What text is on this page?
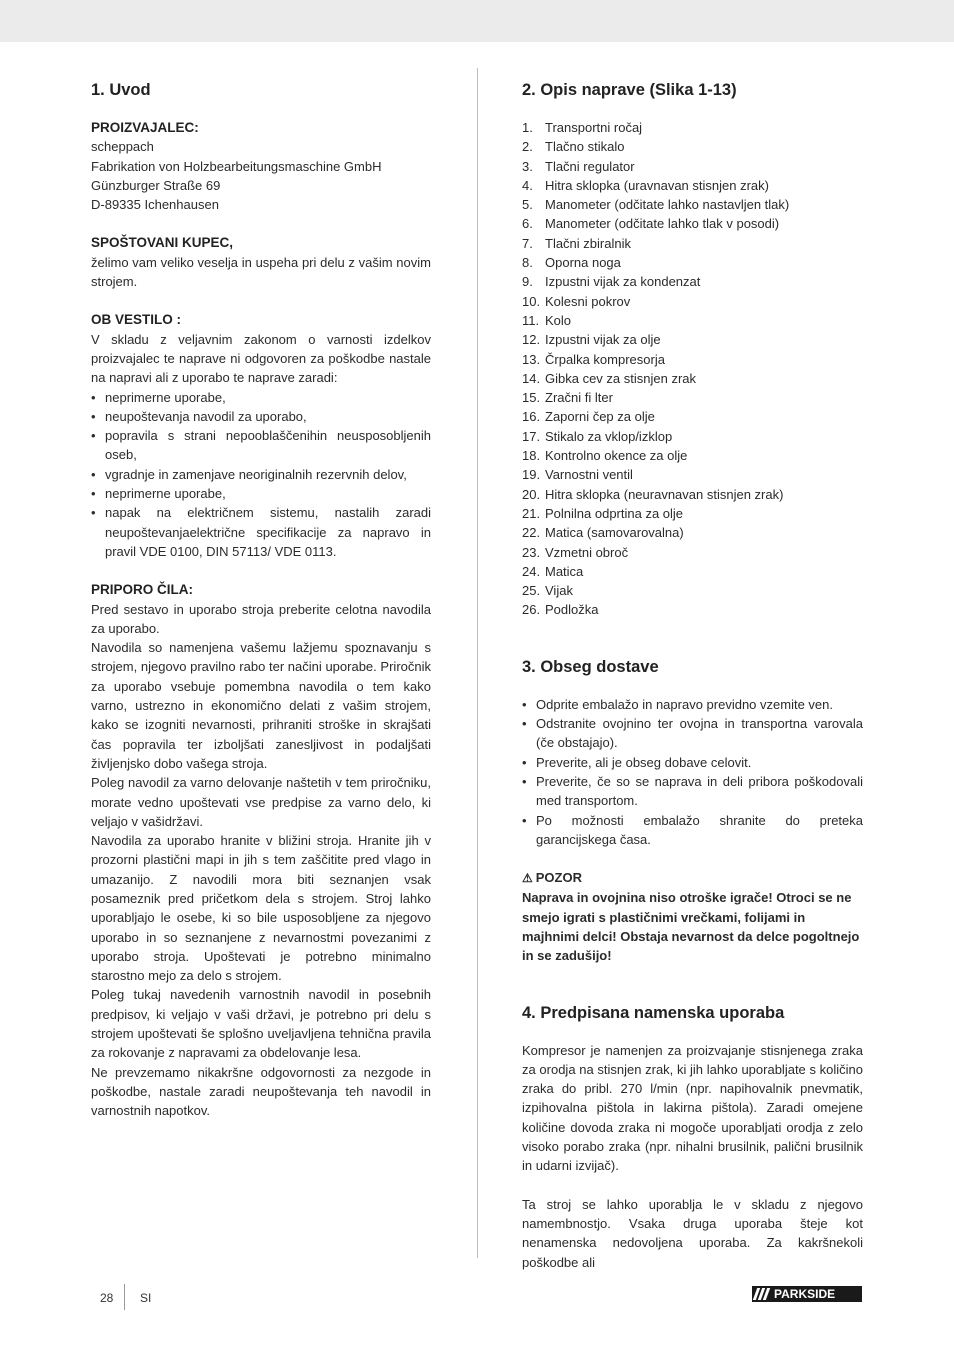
1. Uvod
PROIZVAJALEC:

scheppach

Fabrikation von Holzbearbeitungsmaschine GmbH

Günzburger Straße 69

D-89335 Ichenhausen

SPOŠTOVANI KUPEC,

želimo vam veliko veselja in uspeha pri delu z vašim novim strojem.

OB VESTILO :

V skladu z veljavnim zakonom o varnosti izdelkov proizvajalec te naprave ni odgovoren za poškodbe nastale na napravi ali z uporabo te naprave zaradi:

• neprimerne uporabe,
• neupoštevanja navodil za uporabo,
• popravila s strani nepooblaščenihin neusposobljenih oseb,
• vgradnje in zamenjave neoriginalnih rezervnih delov,
• neprimerne uporabe,
• napak na električnem sistemu, nastalih zaradi neupoštevanjaelektrične specifikacije za napravo in pravil VDE 0100, DIN 57113/ VDE 0113.
PRIPORO ČILA:

Pred sestavo in uporabo stroja preberite celotna navodila za uporabo.

Navodila so namenjena vašemu lažjemu spoznavanju s strojem, njegovo pravilno rabo ter načini uporabe. Priročnik za uporabo vsebuje pomembna navodila o tem kako varno, ustrezno in ekonomično delati z vašim strojem, kako se izogniti nevarnosti, prihraniti stroške in skrajšati čas popravila ter izboljšati zanesljivost in podaljšati življenjsko dobo vašega stroja.

Poleg navodil za varno delovanje naštetih v tem priročniku, morate vedno upoštevati vse predpise za varno delo, ki veljajo v vašidržavi.

Navodila za uporabo hranite v bližini stroja. Hranite jih v prozorni plastični mapi in jih s tem zaščitite pred vlago in umazanijo. Z navodili mora biti seznanjen vsak posameznik pred pričetkom dela s strojem. Stroj lahko uporabljajo le osebe, ki so bile usposobljene za njegovo uporabo in so seznanjene z nevarnostmi povezanimi z uporabo stroja. Upoštevati je potrebno minimalno starostno mejo za delo s strojem.

Poleg tukaj navedenih varnostnih navodil in posebnih predpisov, ki veljajo v vaši državi, je potrebno pri delu s strojem upoštevati še splošno uveljavljena tehnična pravila za rokovanje z napravami za obdelovanje lesa.

Ne prevzemamo nikakršne odgovornosti za nezgode in poškodbe, nastale zaradi neupoštevanja teh navodil in varnostnih napotkov.

2. Opis naprave (Slika 1-13)
1. Transportni ročaj
2. Tlačno stikalo
3. Tlačni regulator
4. Hitra sklopka (uravnavan stisnjen zrak)
5. Manometer (odčitate lahko nastavljen tlak)
6. Manometer (odčitate lahko tlak v posodi)
7. Tlačni zbiralnik
8. Oporna noga
9. Izpustni vijak za kondenzat
10. Kolesni pokrov
11. Kolo
12. Izpustni vijak za olje
13. Črpalka kompresorja
14. Gibka cev za stisnjen zrak
15. Zračni fi lter
16. Zaporni čep za olje
17. Stikalo za vklop/izklop
18. Kontrolno okence za olje
19. Varnostni ventil
20. Hitra sklopka (neuravnavan stisnjen zrak)
21. Polnilna odprtina za olje
22. Matica (samovarovalna)
23. Vzmetni obroč
24. Matica
25. Vijak
26. Podložka
3. Obseg dostave
• Odprite embalažo in napravo previdno vzemite ven.
• Odstranite ovojnino ter ovojna in transportna varovala (če obstajajo).
• Preverite, ali je obseg dobave celovit.
• Preverite, če so se naprava in deli pribora poškodovali med transportom.
• Po možnosti embalažo shranite do preteka garancijskega časa.

⚠ POZOR

Naprava in ovojnina niso otroške igrače! Otroci se ne smejo igrati s plastičnimi vrečkami, folijami in majhnimi delci! Obstaja nevarnost da delce pogoltnejo in se zadušijo!

4. Predpisana namenska uporaba

Kompresor je namenjen za proizvajanje stisnjenega zraka za orodja na stisnjen zrak, ki jih lahko uporabljate s količino zraka do pribl. 270 l/min (npr. napihovalnik pnevmatik, izpihovalna pištola in lakirna pištola). Zaradi omejene količine dovoda zraka ni mogoče uporabljati orodja z zelo visoko porabo zraka (npr. nihalni brusilnik, palični brusilnik in udarni izvijač).

Ta stroj se lahko uporablja le v skladu z njegovo namembnostjo. Vsaka druga uporaba šteje kot nenamenska nedovoljena uporaba. Za kakršnekoli poškodbe ali

28 SI	PARKSIDE
